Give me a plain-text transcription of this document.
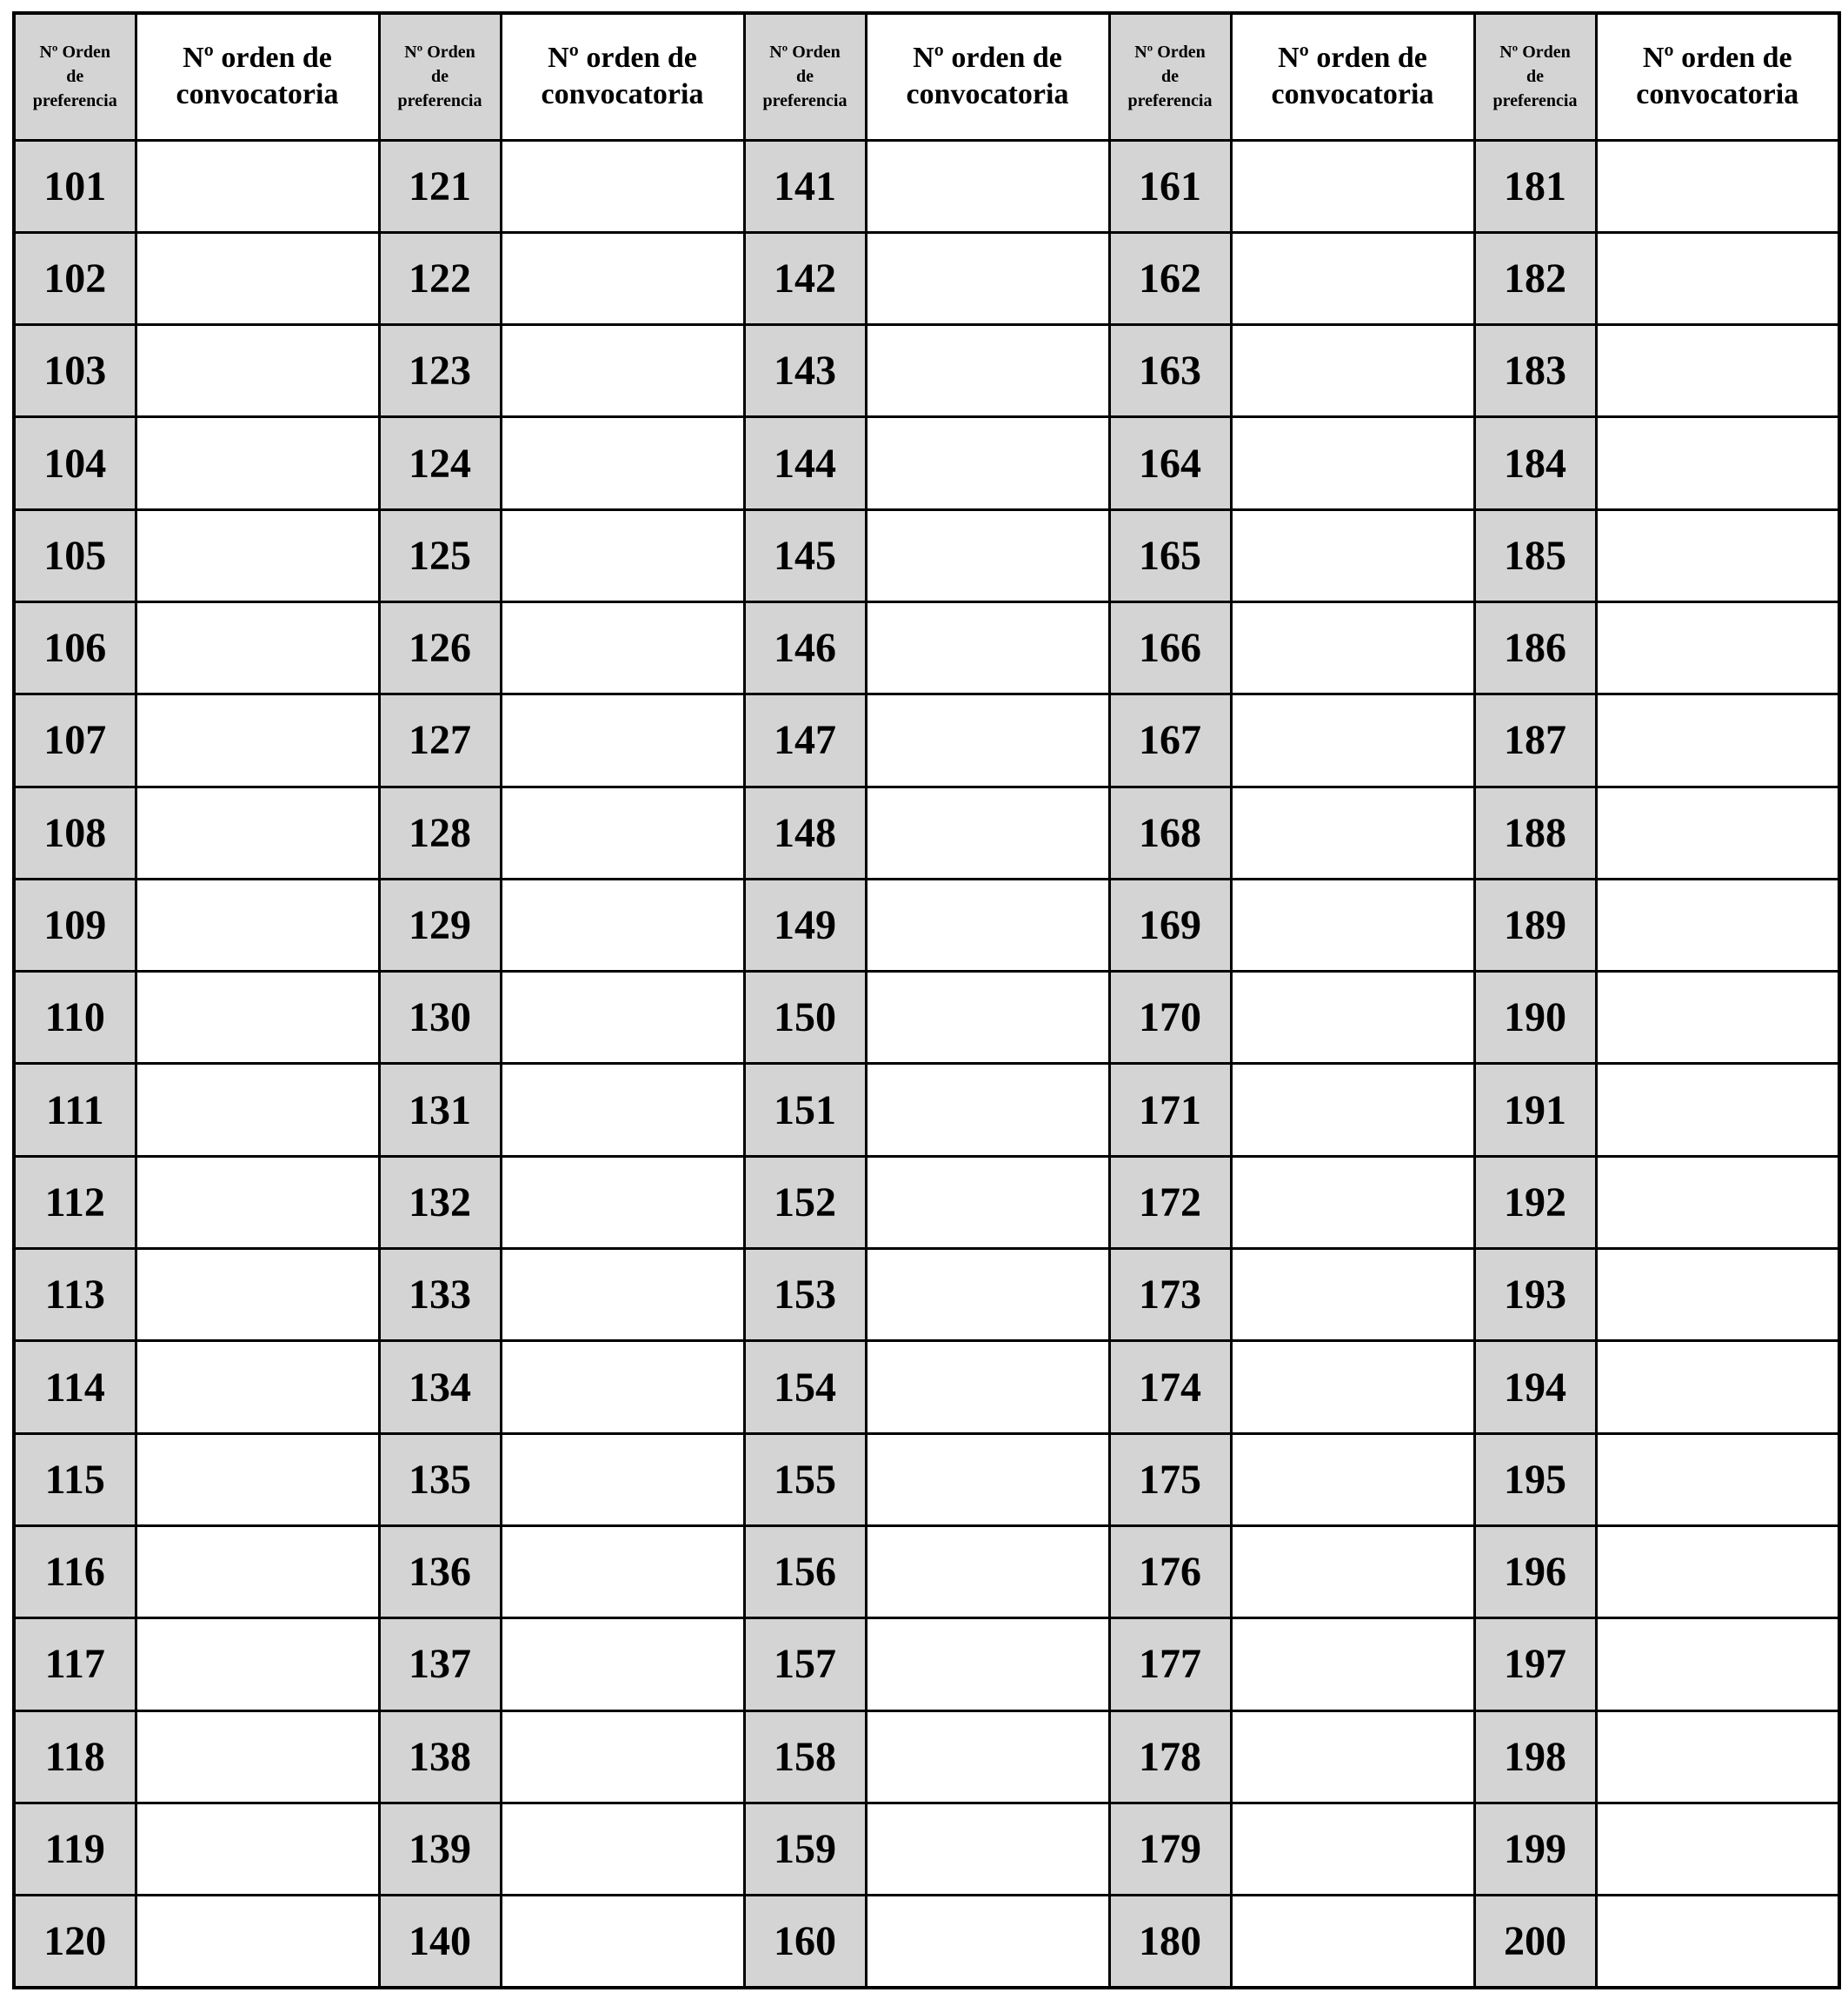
Nº Orden
de
preferencia	Nº orden de convocatoria	Nº Orden
de
preferencia	Nº orden de convocatoria	Nº Orden
de
preferencia	Nº orden de convocatoria	Nº Orden
de
preferencia	Nº orden de convocatoria	Nº Orden
de
preferencia	Nº orden de convocatoria
101		121		141		161		181	
102		122		142		162		182	
103		123		143		163		183	
104		124		144		164		184	
105		125		145		165		185	
106		126		146		166		186	
107		127		147		167		187	
108		128		148		168		188	
109		129		149		169		189	
110		130		150		170		190	
111		131		151		171		191	
112		132		152		172		192	
113		133		153		173		193	
114		134		154		174		194	
115		135		155		175		195	
116		136		156		176		196	
117		137		157		177		197	
118		138		158		178		198	
119		139		159		179		199	
120		140		160		180		200	
